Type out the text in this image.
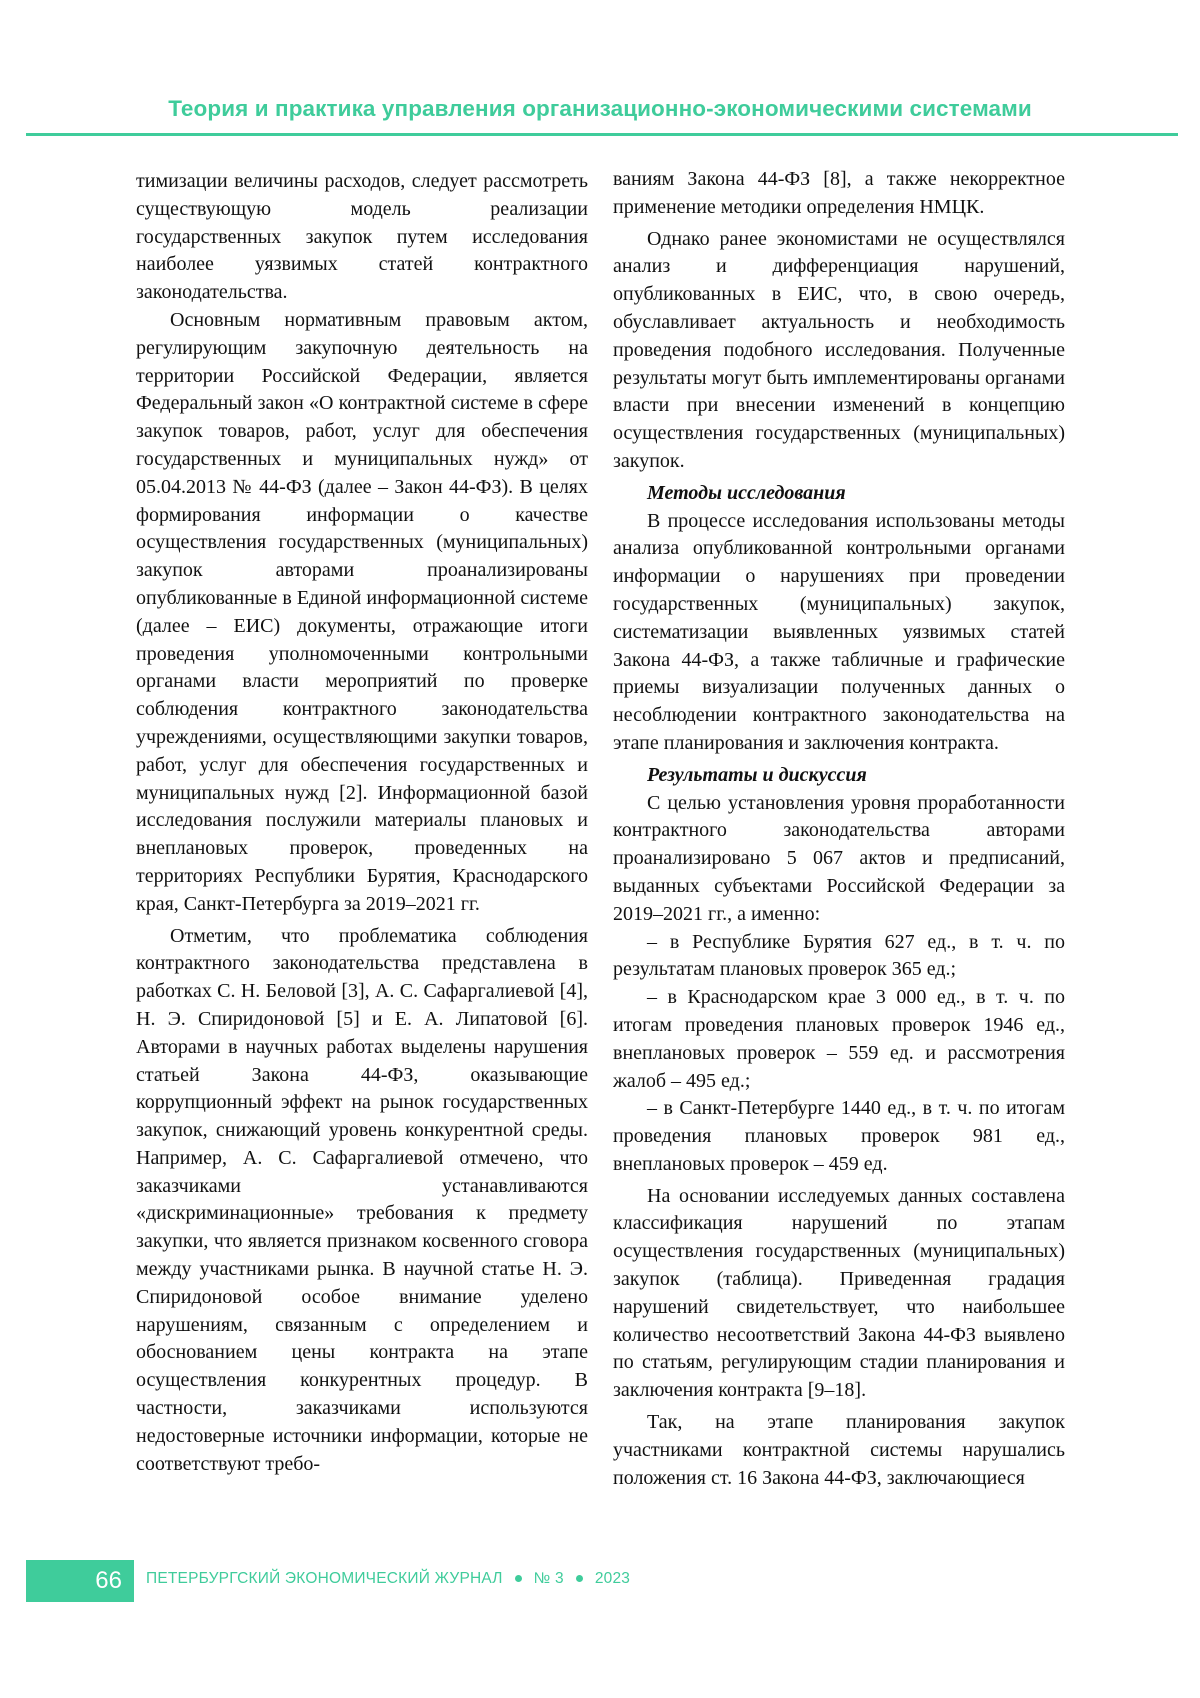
Теория и практика управления организационно-экономическими системами

тимизации величины расходов, следует рассмотреть существующую модель реализации государственных закупок путем исследования наиболее уязвимых статей контрактного законодательства.

Основным нормативным правовым актом, регулирующим закупочную деятельность на территории Российской Федерации, является Федеральный закон «О контрактной системе в сфере закупок товаров, работ, услуг для обеспечения государственных и муниципальных нужд» от 05.04.2013 № 44-ФЗ (далее – Закон 44-ФЗ). В целях формирования информации о качестве осуществления государственных (муниципальных) закупок авторами проанализированы опубликованные в Единой информационной системе (далее – ЕИС) документы, отражающие итоги проведения уполномоченными контрольными органами власти мероприятий по проверке соблюдения контрактного законодательства учреждениями, осуществляющими закупки товаров, работ, услуг для обеспечения государственных и муниципальных нужд [2]. Информационной базой исследования послужили материалы плановых и внеплановых проверок, проведенных на территориях Республики Бурятия, Краснодарского края, Санкт-Петербурга за 2019–2021 гг.

Отметим, что проблематика соблюдения контрактного законодательства представлена в работках С. Н. Беловой [3], А. С. Сафаргалиевой [4], Н. Э. Спиридоновой [5] и Е. А. Липатовой [6]. Авторами в научных работах выделены нарушения статьей Закона 44-ФЗ, оказывающие коррупционный эффект на рынок государственных закупок, снижающий уровень конкурентной среды. Например, А. С. Сафаргалиевой отмечено, что заказчиками устанавливаются «дискриминационные» требования к предмету закупки, что является признаком косвенного сговора между участниками рынка. В научной статье Н. Э. Спиридоновой особое внимание уделено нарушениям, связанным с определением и обоснованием цены контракта на этапе осуществления конкурентных процедур. В частности, заказчиками используются недостоверные источники информации, которые не соответствуют требо-

ваниям Закона 44-ФЗ [8], а также некорректное применение методики определения НМЦК.

Однако ранее экономистами не осуществлялся анализ и дифференциация нарушений, опубликованных в ЕИС, что, в свою очередь, обуславливает актуальность и необходимость проведения подобного исследования. Полученные результаты могут быть имплементированы органами власти при внесении изменений в концепцию осуществления государственных (муниципальных) закупок.

Методы исследования

В процессе исследования использованы методы анализа опубликованной контрольными органами информации о нарушениях при проведении государственных (муниципальных) закупок, систематизации выявленных уязвимых статей Закона 44-ФЗ, а также табличные и графические приемы визуализации полученных данных о несоблюдении контрактного законодательства на этапе планирования и заключения контракта.

Результаты и дискуссия

С целью установления уровня проработанности контрактного законодательства авторами проанализировано 5 067 актов и предписаний, выданных субъектами Российской Федерации за 2019–2021 гг., а именно:

– в Республике Бурятия 627 ед., в т. ч. по результатам плановых проверок 365 ед.;

– в Краснодарском крае 3 000 ед., в т. ч. по итогам проведения плановых проверок 1946 ед., внеплановых проверок – 559 ед. и рассмотрения жалоб – 495 ед.;

– в Санкт-Петербурге 1440 ед., в т. ч. по итогам проведения плановых проверок 981 ед., внеплановых проверок – 459 ед.

На основании исследуемых данных составлена классификация нарушений по этапам осуществления государственных (муниципальных) закупок (таблица). Приведенная градация нарушений свидетельствует, что наибольшее количество несоответствий Закона 44-ФЗ выявлено по статьям, регулирующим стадии планирования и заключения контракта [9–18].

Так, на этапе планирования закупок участниками контрактной системы нарушались положения ст. 16 Закона 44-ФЗ, заключающиеся

66	ПЕТЕРБУРГСКИЙ ЭКОНОМИЧЕСКИЙ ЖУРНАЛ № 3 2023
